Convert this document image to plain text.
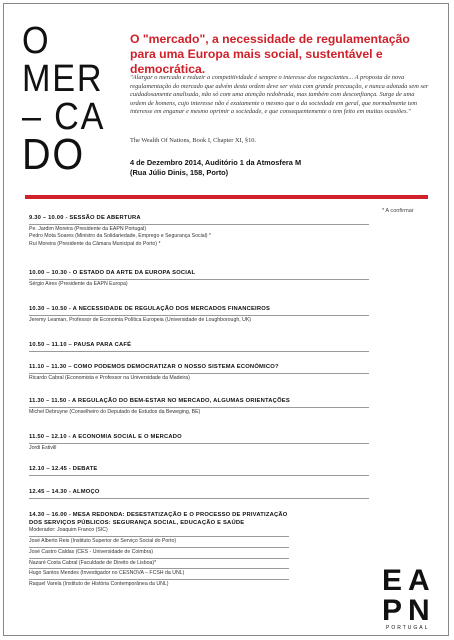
O
MER
– CA
DO
O "mercado", a necessidade de regulamentação para uma Europa mais social, sustentável e democrática.
"Alargar o mercado e reduzir a competitividade é sempre o interesse dos negociantes... A proposta de nova regulamentação do mercado que advém desta ordem deve ser vista com grande precaução, e nunca adotada sem ser cuidadosamente analisada, não só com uma atenção redobrada, mas também com desconfiança. Surge de uma ordem de homens, cujo interesse não é exatamente o mesmo que o da sociedade em geral, que normalmente tem interesse em enganar e mesmo oprimir a sociedade, e que consequentemente o tem feito em muitas ocasiões."
The Wealth Of Nations, Book I, Chapter XI, §10.
4 de Dezembro 2014, Auditório 1 da Atmosfera M
(Rua Júlio Dinis, 158, Porto)
* A confirmar
9.30 – 10.00 - SESSÃO DE ABERTURA
Pe. Jardim Moreira (Presidente da EAPN Portugal)
Pedro Mota Soares (Ministro da Solidariedade, Emprego e Segurança Social) *
Rui Moreira (Presidente da Câmara Municipal do Porto) *
10.00 – 10.30 - O ESTADO DA ARTE DA EUROPA SOCIAL
Sérgio Aires (Presidente da EAPN Europa)
10.30 – 10.50 - A NECESSIDADE DE REGULAÇÃO DOS MERCADOS FINANCEIROS
Jeremy Leaman, Professor de Economia Política Europeia (Universidade de Loughborough, UK)
10.50 – 11.10 – PAUSA PARA CAFÉ
11.10 – 11.30 – COMO PODEMOS DEMOCRATIZAR O NOSSO SISTEMA ECONÓMICO?
Ricardo Cabral (Economista e Professor na Universidade da Madeira)
11.30 – 11.50 - A REGULAÇÃO DO BEM-ESTAR NO MERCADO, ALGUMAS ORIENTAÇÕES
Michel Debruyne (Conselheiro do Deputado de Estudos da Beweging, BE)
11.50 – 12.10 - A ECONOMIA SOCIAL E O MERCADO
Jordi Estivill
12.10 – 12.45 - DEBATE
12.45 – 14.30 - ALMOÇO
14.30 – 16.00 - MESA REDONDA: DESESTATIZAÇÃO E O PROCESSO DE PRIVATIZAÇÃO DOS SERVIÇOS PÚBLICOS: SEGURANÇA SOCIAL, EDUCAÇÃO E SAÚDE
Moderador: Joaquim Franco (SIC)
José Alberto Reis (Instituto Superior de Serviço Social do Porto)
José Castro Caldas (CES - Universidade de Coimbra)
Nazaré Costa Cabral (Faculdade de Direito de Lisboa)*
Hugo Santos Mendes (Investigador no CESNOVA – FCSH da UNL)
Raquel Varela (Instituto de História Contemporânea da UNL)	E A
P N
PORTUGAL
